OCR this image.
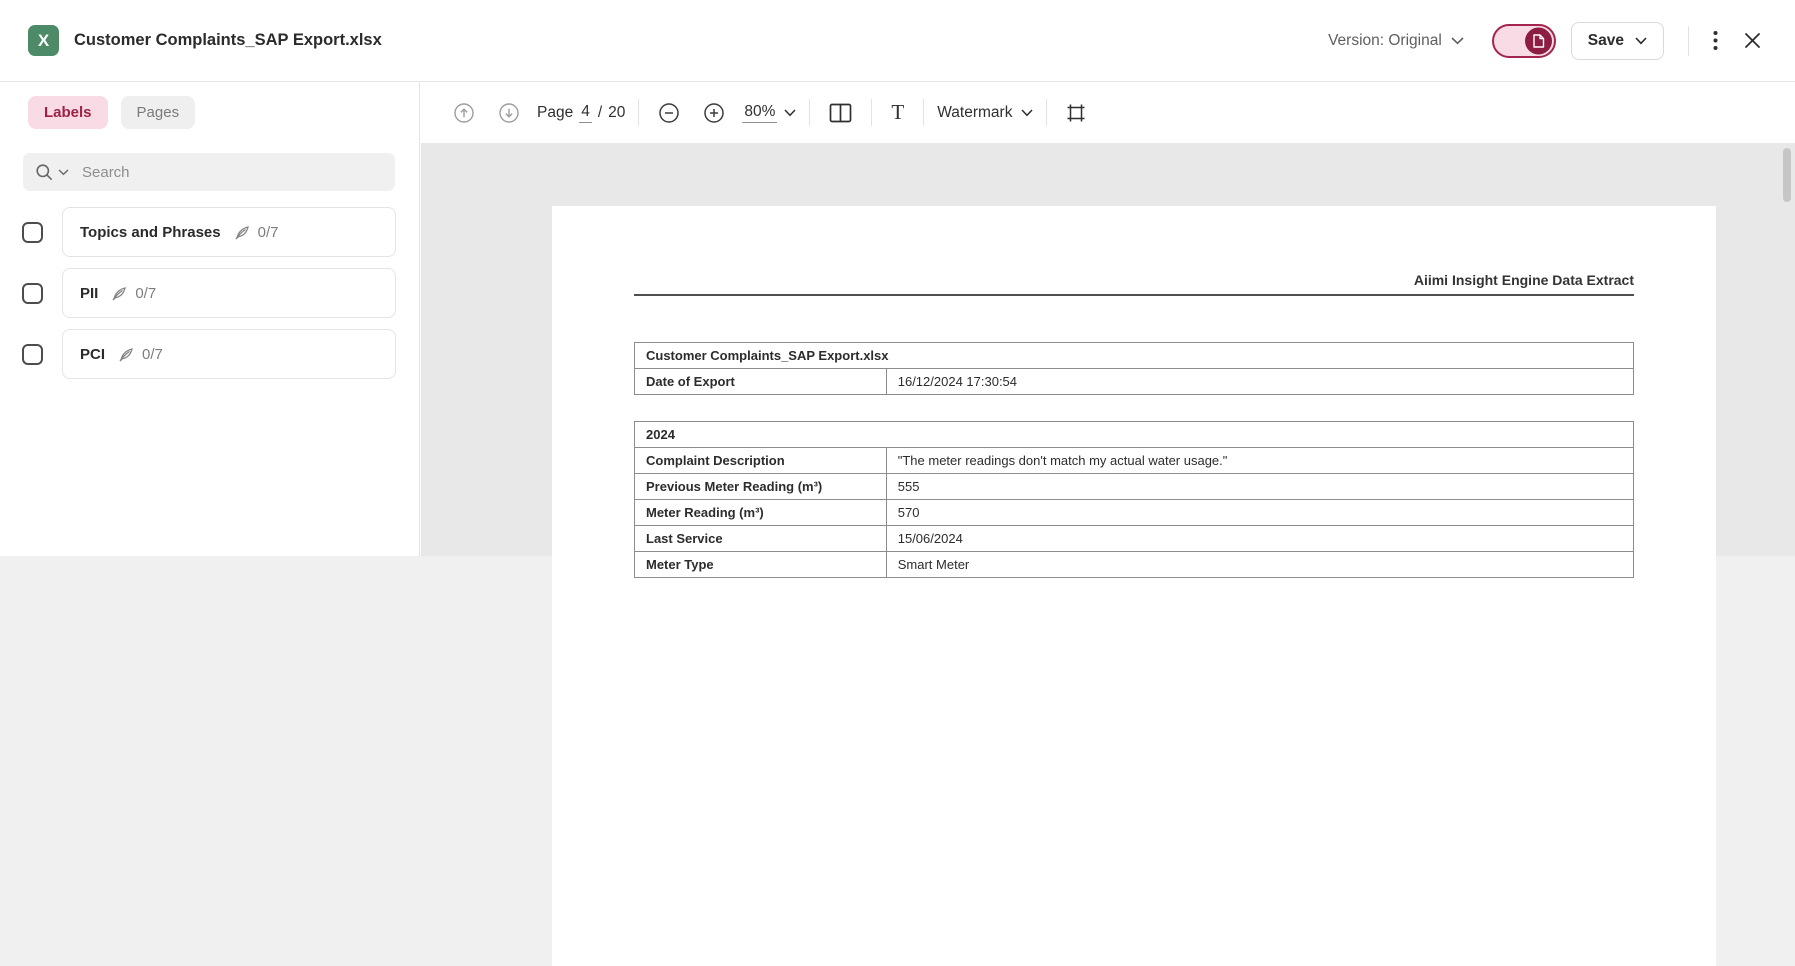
X	Customer Complaints_SAP Export.xlsx	Version: Original	Save
Labels	Pages
Search
Topics and Phrases 0/7
PII 0/7
PCI 0/7
Page 4 / 20	80%	T Watermark
Aiimi Insight Engine Data Extract
Customer Complaints_SAP Export.xlsx
Date of Export	16/12/2024 17:30:54
2024	
Complaint Description	"The meter readings don't match my actual water usage."
Previous Meter Reading (m³)	555
Meter Reading (m³)	570
Last Service	15/06/2024
Meter Type	Smart Meter
